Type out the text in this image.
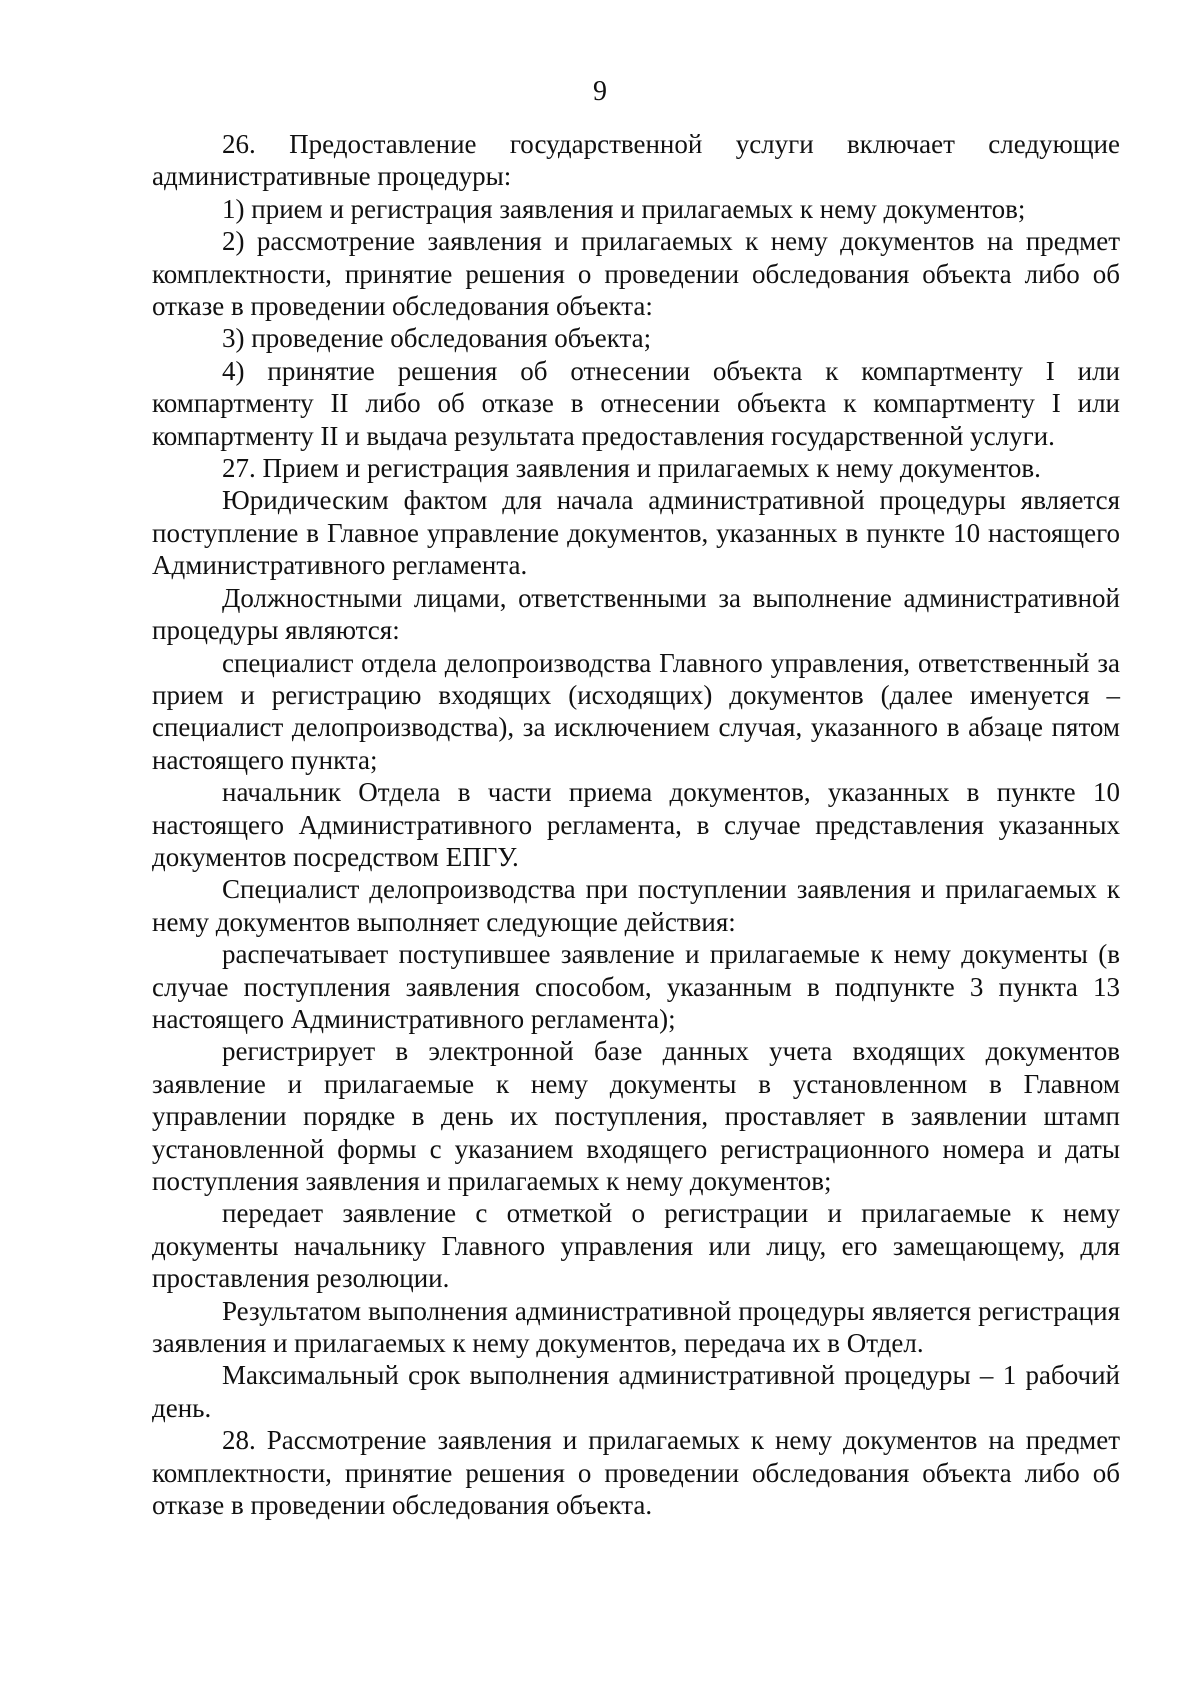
9

26. Предоставление государственной услуги включает следующие административные процедуры:

1) прием и регистрация заявления и прилагаемых к нему документов;

2) рассмотрение заявления и прилагаемых к нему документов на предмет комплектности, принятие решения о проведении обследования объекта либо об отказе в проведении обследования объекта:

3) проведение обследования объекта;

4) принятие решения об отнесении объекта к компартменту I или компартменту II либо об отказе в отнесении объекта к компартменту I или компартменту II и выдача результата предоставления государственной услуги.

27. Прием и регистрация заявления и прилагаемых к нему документов.

Юридическим фактом для начала административной процедуры является поступление в Главное управление документов, указанных в пункте 10 настоящего Административного регламента.

Должностными лицами, ответственными за выполнение административной процедуры являются:

специалист отдела делопроизводства Главного управления, ответственный за прием и регистрацию входящих (исходящих) документов (далее именуется – специалист делопроизводства), за исключением случая, указанного в абзаце пятом настоящего пункта;

начальник Отдела в части приема документов, указанных в пункте 10 настоящего Административного регламента, в случае представления указанных документов посредством ЕПГУ.

Специалист делопроизводства при поступлении заявления и прилагаемых к нему документов выполняет следующие действия:

распечатывает поступившее заявление и прилагаемые к нему документы (в случае поступления заявления способом, указанным в подпункте 3 пункта 13 настоящего Административного регламента);

регистрирует в электронной базе данных учета входящих документов заявление и прилагаемые к нему документы в установленном в Главном управлении порядке в день их поступления, проставляет в заявлении штамп установленной формы с указанием входящего регистрационного номера и даты поступления заявления и прилагаемых к нему документов;

передает заявление с отметкой о регистрации и прилагаемые к нему документы начальнику Главного управления или лицу, его замещающему, для проставления резолюции.

Результатом выполнения административной процедуры является регистрация заявления и прилагаемых к нему документов, передача их в Отдел.

Максимальный срок выполнения административной процедуры – 1 рабочий день.

28. Рассмотрение заявления и прилагаемых к нему документов на предмет комплектности, принятие решения о проведении обследования объекта либо об отказе в проведении обследования объекта.
